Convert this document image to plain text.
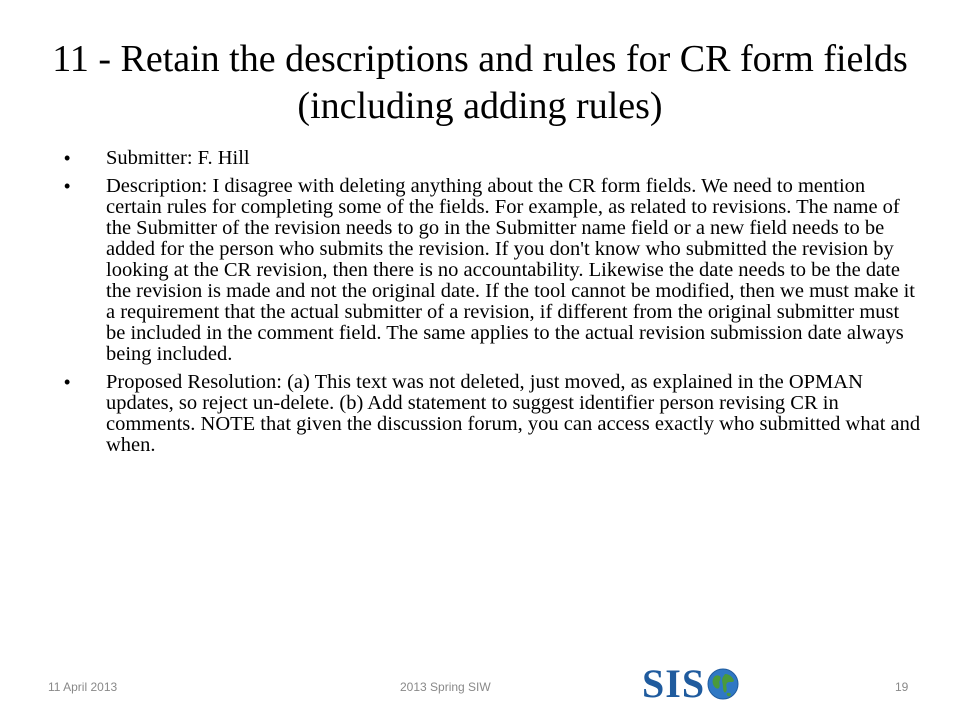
11 - Retain the descriptions and rules for CR form fields (including adding rules)
• Submitter: F. Hill
• Description: I disagree with deleting anything about the CR form fields. We need to mention certain rules for completing some of the fields. For example, as related to revisions. The name of the Submitter of the revision needs to go in the Submitter name field or a new field needs to be added for the person who submits the revision. If you don't know who submitted the revision by looking at the CR revision, then there is no accountability. Likewise the date needs to be the date the revision is made and not the original date. If the tool cannot be modified, then we must make it a requirement that the actual submitter of a revision, if different from the original submitter must be included in the comment field. The same applies to the actual revision submission date always being included.
• Proposed Resolution: (a) This text was not deleted, just moved, as explained in the OPMAN updates, so reject un-delete. (b) Add statement to suggest identifier person revising CR in comments. NOTE that given the discussion forum, you can access exactly who submitted what and when.
11 April 2013	2013 Spring SIW	19
SIS
